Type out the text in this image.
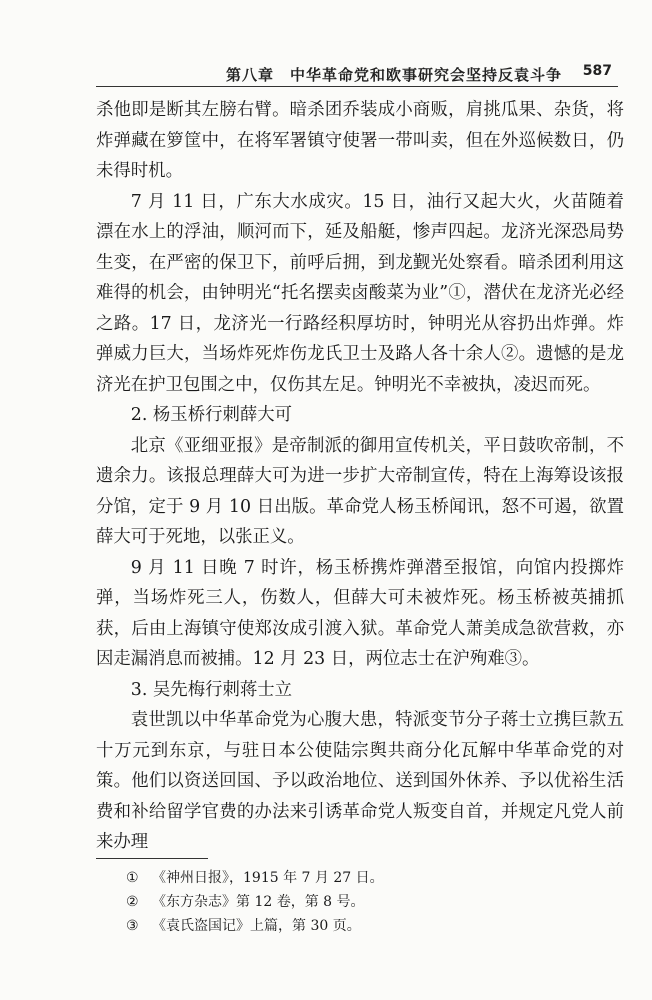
第八章　中华革命党和欧事研究会坚持反袁斗争 587

杀他即是断其左膀右臂。暗杀团乔装成小商贩，肩挑瓜果、杂货，将炸弹藏在箩筐中，在将军署镇守使署一带叫卖，但在外巡候数日，仍未得时机。

7 月 11 日，广东大水成灾。15 日，油行又起大火，火苗随着漂在水上的浮油，顺河而下，延及船艇，惨声四起。龙济光深恐局势生变，在严密的保卫下，前呼后拥，到龙觐光处察看。暗杀团利用这难得的机会，由钟明光“托名摆卖卤酸菜为业”①，潜伏在龙济光必经之路。17 日，龙济光一行路经积厚坊时，钟明光从容扔出炸弹。炸弹威力巨大，当场炸死炸伤龙氏卫士及路人各十余人②。遗憾的是龙济光在护卫包围之中，仅伤其左足。钟明光不幸被执，凌迟而死。

2. 杨玉桥行刺薛大可

北京《亚细亚报》是帝制派的御用宣传机关，平日鼓吹帝制，不遗余力。该报总理薛大可为进一步扩大帝制宣传，特在上海筹设该报分馆，定于 9 月 10 日出版。革命党人杨玉桥闻讯，怒不可遏，欲置薛大可于死地，以张正义。

9 月 11 日晚 7 时许，杨玉桥携炸弹潜至报馆，向馆内投掷炸弹，当场炸死三人，伤数人，但薛大可未被炸死。杨玉桥被英捕抓获，后由上海镇守使郑汝成引渡入狱。革命党人萧美成急欲营救，亦因走漏消息而被捕。12 月 23 日，两位志士在沪殉难③。

3. 吴先梅行刺蒋士立

袁世凯以中华革命党为心腹大患，特派变节分子蒋士立携巨款五十万元到东京，与驻日本公使陆宗舆共商分化瓦解中华革命党的对策。他们以资送回国、予以政治地位、送到国外休养、予以优裕生活费和补给留学官费的办法来引诱革命党人叛变自首，并规定凡党人前来办理

① 《神州日报》，1915 年 7 月 27 日。
② 《东方杂志》第 12 卷，第 8 号。
③ 《袁氏盗国记》上篇，第 30 页。
